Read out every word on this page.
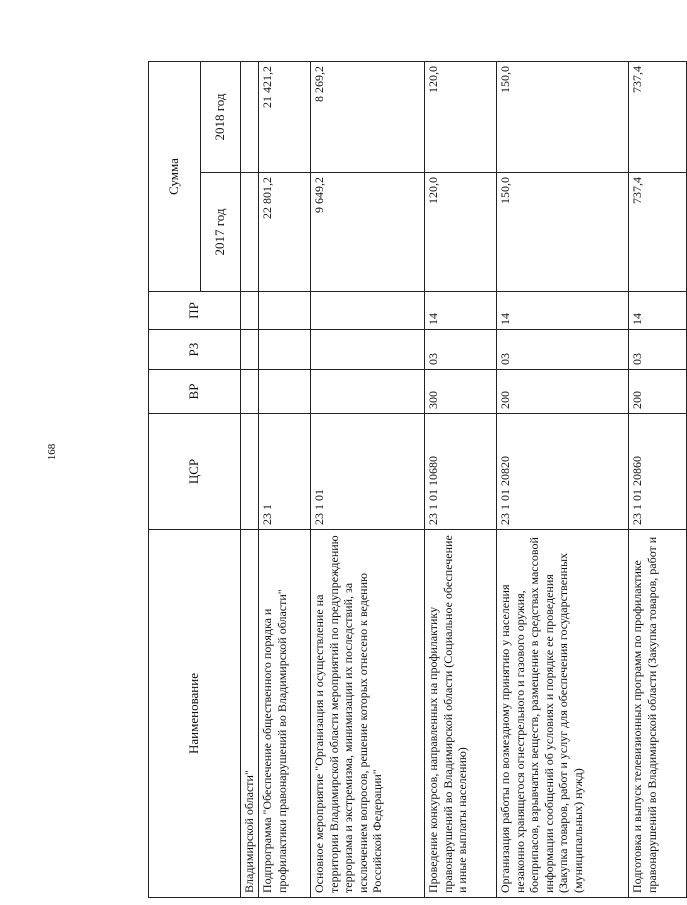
168
Наименование	ЦСР	ВР	РЗ	ПР	Сумма	
					2017 год	2018 год
Владимирской области"						
Подпрограмма "Обеспечение общественного порядка и профилактики правонарушений во Владимирской области"	23 1				22 801,2	21 421,2
Основное мероприятие "Организация и осуществление на территории Владимирской области мероприятий по предупреждению терроризма и экстремизма, минимизации их последствий, за исключением вопросов, решение которых отнесено к ведению Российской Федерации"	23 1 01				9 649,2	8 269,2
Проведение конкурсов, направленных на профилактику правонарушений во Владимирской области (Социальное обеспечение и иные выплаты населению)	23 1 01 10680	300	03	14	120,0	120,0
Организация работы по возмездному принятию у населения незаконно хранящегося огнестрельного и газового оружия, боеприпасов, взрывчатых веществ, размещение в средствах массовой информации сообщений об условиях и порядке ее проведения (Закупка товаров, работ и услуг для обеспечения государственных (муниципальных) нужд)	23 1 01 20820	200	03	14	150,0	150,0
Подготовка и выпуск телевизионных программ по профилактике правонарушений во Владимирской области (Закупка товаров, работ и	23 1 01 20860	200	03	14	737,4	737,4
